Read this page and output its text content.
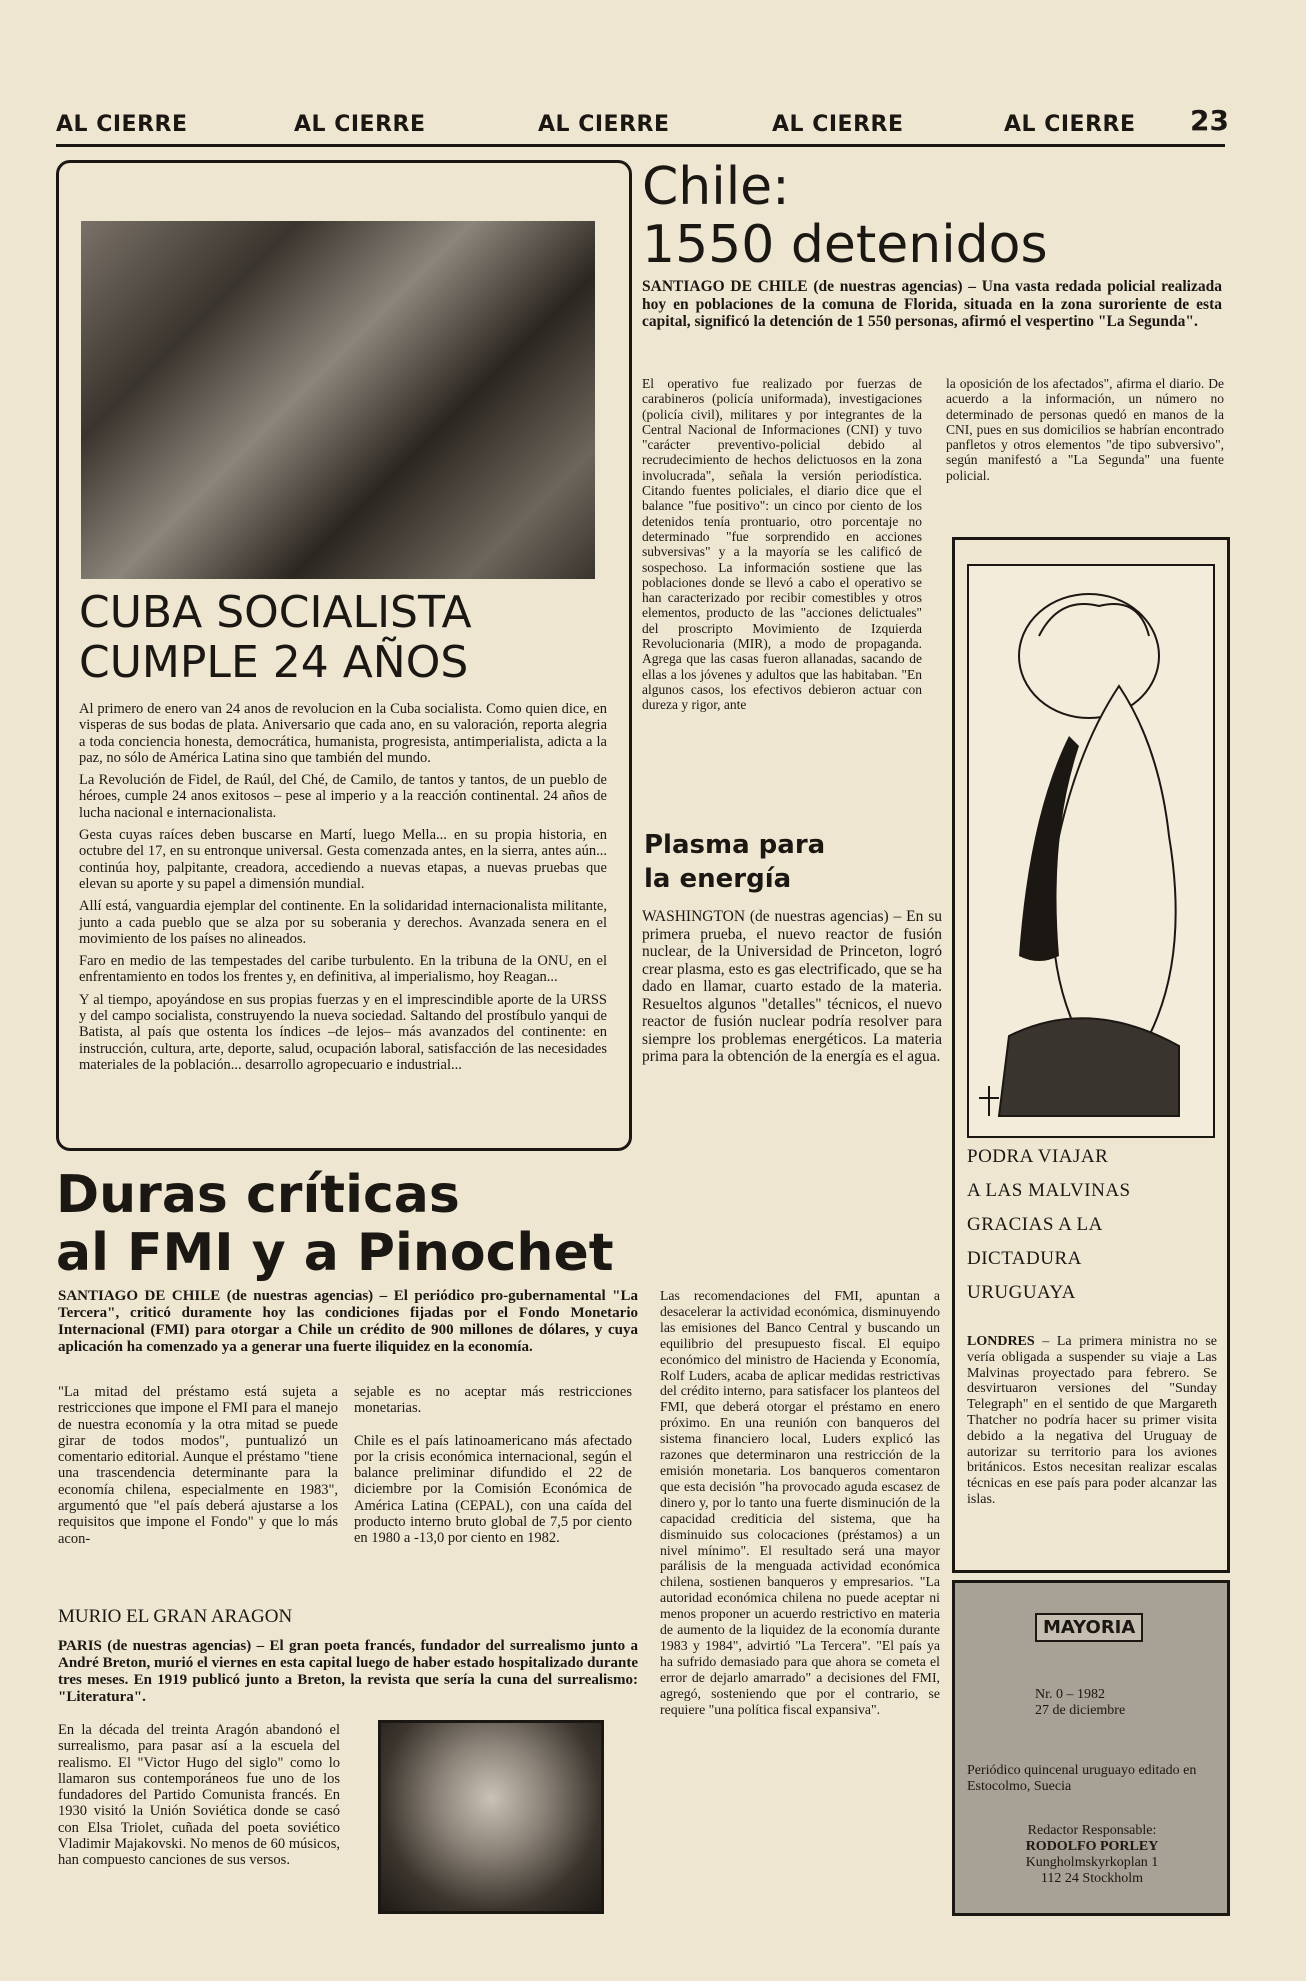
AL CIERRE	AL CIERRE	AL CIERRE	AL CIERRE	AL CIERRE 23
CUBA SOCIALISTA
CUMPLE 24 AÑOS

Al primero de enero van 24 anos de revolucion en la Cuba socialista. Como quien dice, en visperas de sus bodas de plata. Aniversario que cada ano, en su valoración, reporta alegria a toda conciencia honesta, democrática, humanista, progresista, antimperialista, adicta a la paz, no sólo de América Latina sino que también del mundo.

La Revolución de Fidel, de Raúl, del Ché, de Camilo, de tantos y tantos, de un pueblo de héroes, cumple 24 anos exitosos – pese al imperio y a la reacción continental. 24 años de lucha nacional e internacionalista.

Gesta cuyas raíces deben buscarse en Martí, luego Mella... en su propia historia, en octubre del 17, en su entronque universal. Gesta comenzada antes, en la sierra, antes aún... continúa hoy, palpitante, creadora, accediendo a nuevas etapas, a nuevas pruebas que elevan su aporte y su papel a dimensión mundial.

Allí está, vanguardia ejemplar del continente. En la solidaridad internacionalista militante, junto a cada pueblo que se alza por su soberania y derechos. Avanzada senera en el movimiento de los países no alineados.

Faro en medio de las tempestades del caribe turbulento. En la tribuna de la ONU, en el enfrentamiento en todos los frentes y, en definitiva, al imperialismo, hoy Reagan...

Y al tiempo, apoyándose en sus propias fuerzas y en el imprescindible aporte de la URSS y del campo socialista, construyendo la nueva sociedad. Saltando del prostíbulo yanqui de Batista, al país que ostenta los índices –de lejos– más avanzados del continente: en instrucción, cultura, arte, deporte, salud, ocupación laboral, satisfacción de las necesidades materiales de la población... desarrollo agropecuario e industrial...

Chile:
1550 detenidos
SANTIAGO DE CHILE (de nuestras agencias) – Una vasta redada policial realizada hoy en poblaciones de la comuna de Florida, situada en la zona suroriente de esta capital, significó la detención de 1 550 personas, afirmó el vespertino "La Segunda".
El operativo fue realizado por fuerzas de carabineros (policía uniformada), investigaciones (policía civil), militares y por integrantes de la Central Nacional de Informaciones (CNI) y tuvo "carácter preventivo-policial debido al recrudecimiento de hechos delictuosos en la zona involucrada", señala la versión periodística. Citando fuentes policiales, el diario dice que el balance "fue positivo": un cinco por ciento de los detenidos tenía prontuario, otro porcentaje no determinado "fue sorprendido en acciones subversivas" y a la mayoría se les calificó de sospechoso. La información sostiene que las poblaciones donde se llevó a cabo el operativo se han caracterizado por recibir comestibles y otros elementos, producto de las "acciones delictuales" del proscripto Movimiento de Izquierda Revolucionaria (MIR), a modo de propaganda. Agrega que las casas fueron allanadas, sacando de ellas a los jóvenes y adultos que las habitaban. "En algunos casos, los efectivos debieron actuar con dureza y rigor, ante
la oposición de los afectados", afirma el diario. De acuerdo a la información, un número no determinado de personas quedó en manos de la CNI, pues en sus domicilios se habrían encontrado panfletos y otros elementos "de tipo subversivo", según manifestó a "La Segunda" una fuente policial.
Plasma para
la energía
WASHINGTON (de nuestras agencias) – En su primera prueba, el nuevo reactor de fusión nuclear, de la Universidad de Princeton, logró crear plasma, esto es gas electrificado, que se ha dado en llamar, cuarto estado de la materia. Resueltos algunos "detalles" técnicos, el nuevo reactor de fusión nuclear podría resolver para siempre los problemas energéticos. La materia prima para la obtención de la energía es el agua.
PODRA VIAJAR
A LAS MALVINAS
GRACIAS A LA
DICTADURA
URUGUAYA
LONDRES – La primera ministra no se vería obligada a suspender su viaje a Las Malvinas proyectado para febrero. Se desvirtuaron versiones del "Sunday Telegraph" en el sentido de que Margareth Thatcher no podría hacer su primer visita debido a la negativa del Uruguay de autorizar su territorio para los aviones británicos. Estos necesitan realizar escalas técnicas en ese país para poder alcanzar las islas.
Duras críticas
al FMI y a Pinochet
SANTIAGO DE CHILE (de nuestras agencias) – El periódico pro-gubernamental "La Tercera", criticó duramente hoy las condiciones fijadas por el Fondo Monetario Internacional (FMI) para otorgar a Chile un crédito de 900 millones de dólares, y cuya aplicación ha comenzado ya a generar una fuerte iliquidez en la economía.
"La mitad del préstamo está sujeta a restricciones que impone el FMI para el manejo de nuestra economía y la otra mitad se puede girar de todos modos", puntualizó un comentario editorial. Aunque el préstamo "tiene una trascendencia determinante para la economía chilena, especialmente en 1983", argumentó que "el país deberá ajustarse a los requisitos que impone el Fondo" y que lo más acon-

sejable es no aceptar más restricciones monetarias.

Chile es el país latinoamericano más afectado por la crisis económica internacional, según el balance preliminar difundido el 22 de diciembre por la Comisión Económica de América Latina (CEPAL), con una caída del producto interno bruto global de 7,5 por ciento en 1980 a -13,0 por ciento en 1982.

Las recomendaciones del FMI, apuntan a desacelerar la actividad económica, disminuyendo las emisiones del Banco Central y buscando un equilibrio del presupuesto fiscal. El equipo económico del ministro de Hacienda y Economía, Rolf Luders, acaba de aplicar medidas restrictivas del crédito interno, para satisfacer los planteos del FMI, que deberá otorgar el préstamo en enero próximo. En una reunión con banqueros del sistema financiero local, Luders explicó las razones que determinaron una restricción de la emisión monetaria. Los banqueros comentaron que esta decisión "ha provocado aguda escasez de dinero y, por lo tanto una fuerte disminución de la capacidad crediticia del sistema, que ha disminuido sus colocaciones (préstamos) a un nivel mínimo". El resultado será una mayor parálisis de la menguada actividad económica chilena, sostienen banqueros y empresarios. "La autoridad económica chilena no puede aceptar ni menos proponer un acuerdo restrictivo en materia de aumento de la liquidez de la economía durante 1983 y 1984", advirtió "La Tercera". "El país ya ha sufrido demasiado para que ahora se cometa el error de dejarlo amarrado" a decisiones del FMI, agregó, sosteniendo que por el contrario, se requiere "una política fiscal expansiva".
MURIO EL GRAN ARAGON
PARIS (de nuestras agencias) – El gran poeta francés, fundador del surrealismo junto a André Breton, murió el viernes en esta capital luego de haber estado hospitalizado durante tres meses. En 1919 publicó junto a Breton, la revista que sería la cuna del surrealismo: "Literatura".
En la década del treinta Aragón abandonó el surrealismo, para pasar así a la escuela del realismo. El "Victor Hugo del siglo" como lo llamaron sus contemporáneos fue uno de los fundadores del Partido Comunista francés. En 1930 visitó la Unión Soviética donde se casó con Elsa Triolet, cuñada del poeta soviético Vladimir Majakovski. No menos de 60 músicos, han compuesto canciones de sus versos.
MAYORIA
Nr. 0 – 1982
27 de diciembre
Periódico quincenal uruguayo editado en Estocolmo, Suecia
Redactor Responsable:
RODOLFO PORLEY
Kungholmskyrkoplan 1
112 24 Stockholm
